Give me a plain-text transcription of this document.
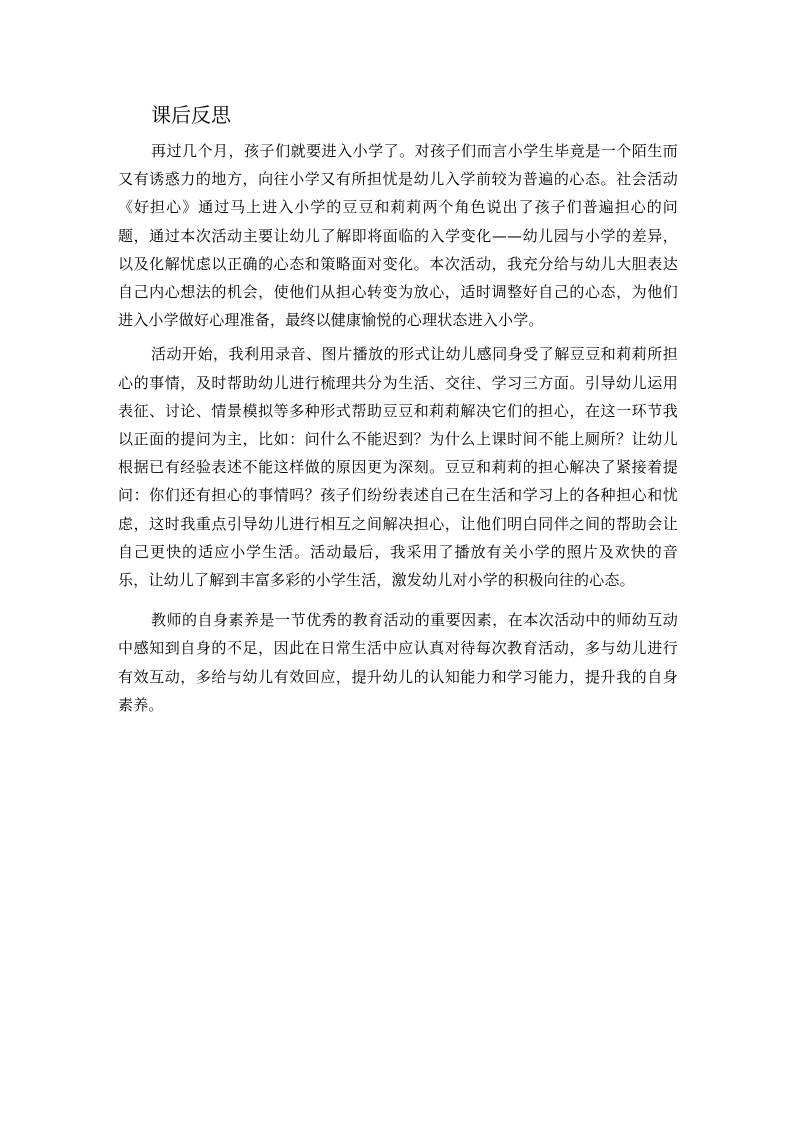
课后反思

再过几个月，孩子们就要进入小学了。对孩子们而言小学生毕竟是一个陌生而又有诱惑力的地方，向往小学又有所担忧是幼儿入学前较为普遍的心态。社会活动《好担心》通过马上进入小学的豆豆和莉莉两个角色说出了孩子们普遍担心的问题，通过本次活动主要让幼儿了解即将面临的入学变化——幼儿园与小学的差异，以及化解忧虑以正确的心态和策略面对变化。本次活动，我充分给与幼儿大胆表达自己内心想法的机会，使他们从担心转变为放心，适时调整好自己的心态，为他们进入小学做好心理准备，最终以健康愉悦的心理状态进入小学。

活动开始，我利用录音、图片播放的形式让幼儿感同身受了解豆豆和莉莉所担心的事情，及时帮助幼儿进行梳理共分为生活、交往、学习三方面。引导幼儿运用表征、讨论、情景模拟等多种形式帮助豆豆和莉莉解决它们的担心，在这一环节我以正面的提问为主，比如：问什么不能迟到？为什么上课时间不能上厕所？让幼儿根据已有经验表述不能这样做的原因更为深刻。豆豆和莉莉的担心解决了紧接着提问：你们还有担心的事情吗？孩子们纷纷表述自己在生活和学习上的各种担心和忧虑，这时我重点引导幼儿进行相互之间解决担心，让他们明白同伴之间的帮助会让自己更快的适应小学生活。活动最后，我采用了播放有关小学的照片及欢快的音乐，让幼儿了解到丰富多彩的小学生活，激发幼儿对小学的积极向往的心态。

教师的自身素养是一节优秀的教育活动的重要因素，在本次活动中的师幼互动中感知到自身的不足，因此在日常生活中应认真对待每次教育活动，多与幼儿进行有效互动，多给与幼儿有效回应，提升幼儿的认知能力和学习能力，提升我的自身素养。
